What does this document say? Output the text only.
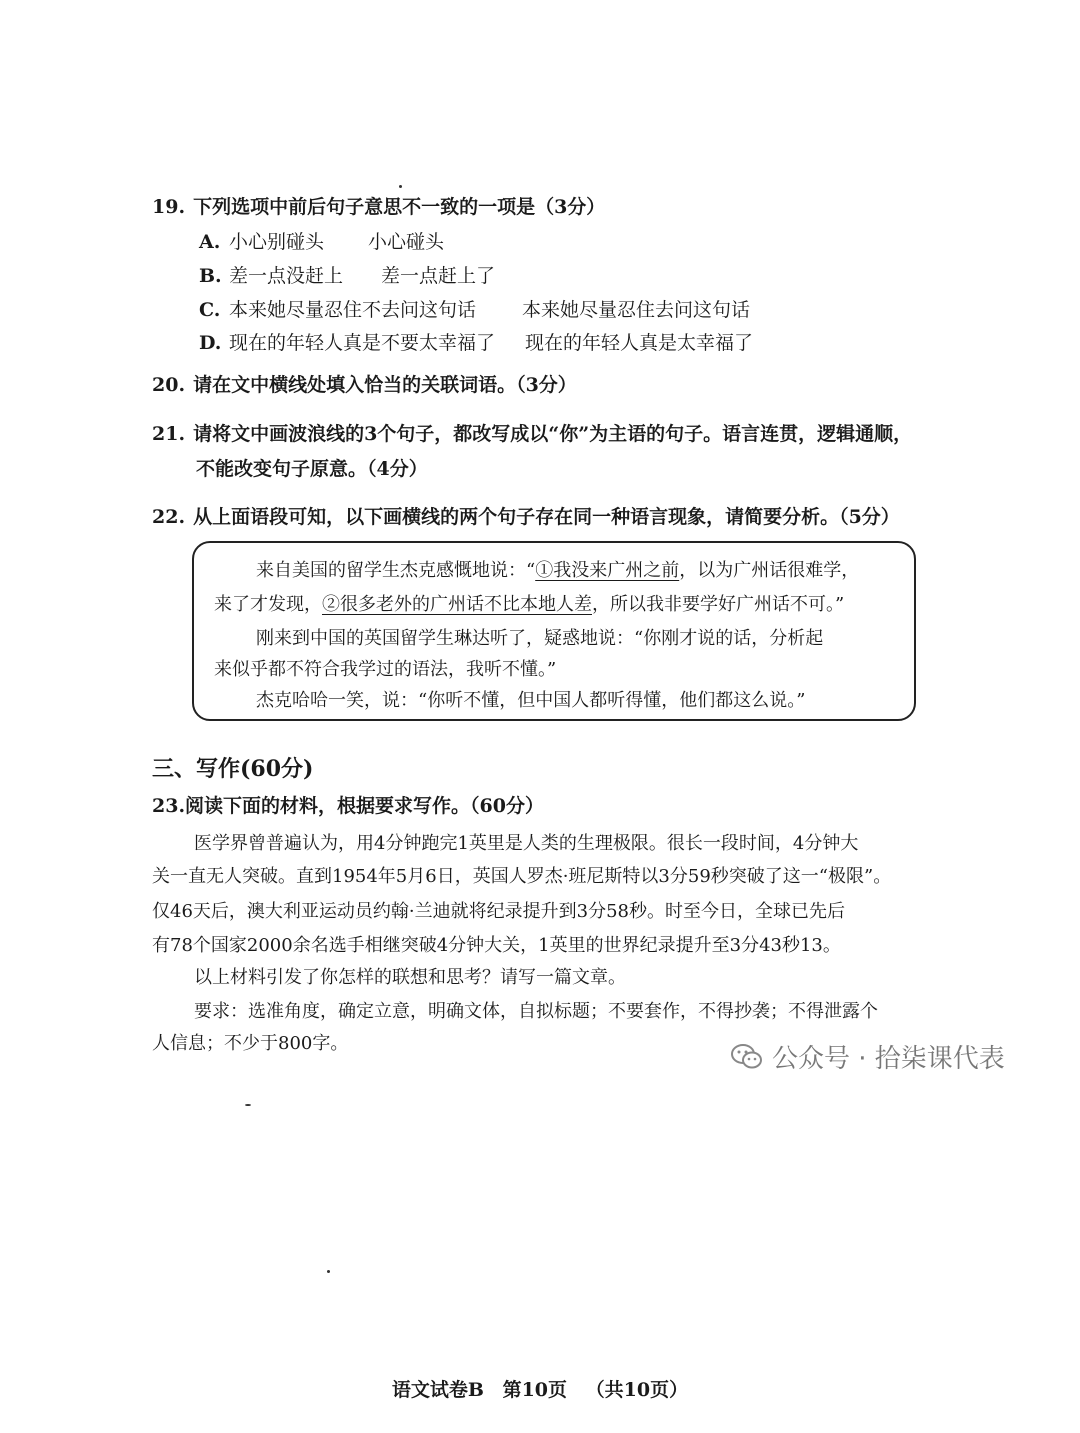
19. 下列选项中前后句子意思不一致的一项是（3分）
A. 小心别碰头 小心碰头
B. 差一点没赶上 差一点赶上了
C. 本来她尽量忍住不去问这句话 本来她尽量忍住去问这句话
D. 现在的年轻人真是不要太幸福了 现在的年轻人真是太幸福了
20. 请在文中横线处填入恰当的关联词语。（3分）
21. 请将文中画波浪线的3个句子，都改写成以“你”为主语的句子。语言连贯，逻辑通顺，
不能改变句子原意。（4分）
22. 从上面语段可知，以下画横线的两个句子存在同一种语言现象，请简要分析。（5分）

来自美国的留学生杰克感慨地说：“①我没来广州之前，以为广州话很难学，

来了才发现，②很多老外的广州话不比本地人差，所以我非要学好广州话不可。”

刚来到中国的英国留学生琳达听了，疑惑地说：“你刚才说的话，分析起

来似乎都不符合我学过的语法，我听不懂。”

杰克哈哈一笑，说：“你听不懂，但中国人都听得懂，他们都这么说。”

三、写作(60分)
23.阅读下面的材料，根据要求写作。（60分）
医学界曾普遍认为，用4分钟跑完1英里是人类的生理极限。很长一段时间，4分钟大
关一直无人突破。直到1954年5月6日，英国人罗杰·班尼斯特以3分59秒突破了这一“极限”。
仅46天后，澳大利亚运动员约翰·兰迪就将纪录提升到3分58秒。时至今日，全球已先后
有78个国家2000余名选手相继突破4分钟大关，1英里的世界纪录提升至3分43秒13。
以上材料引发了你怎样的联想和思考？请写一篇文章。
要求：选准角度，确定立意，明确文体，自拟标题；不要套作，不得抄袭；不得泄露个
人信息；不少于800字。
公众号 · 拾柒课代表
语文试卷B 第10页 （共10页）
